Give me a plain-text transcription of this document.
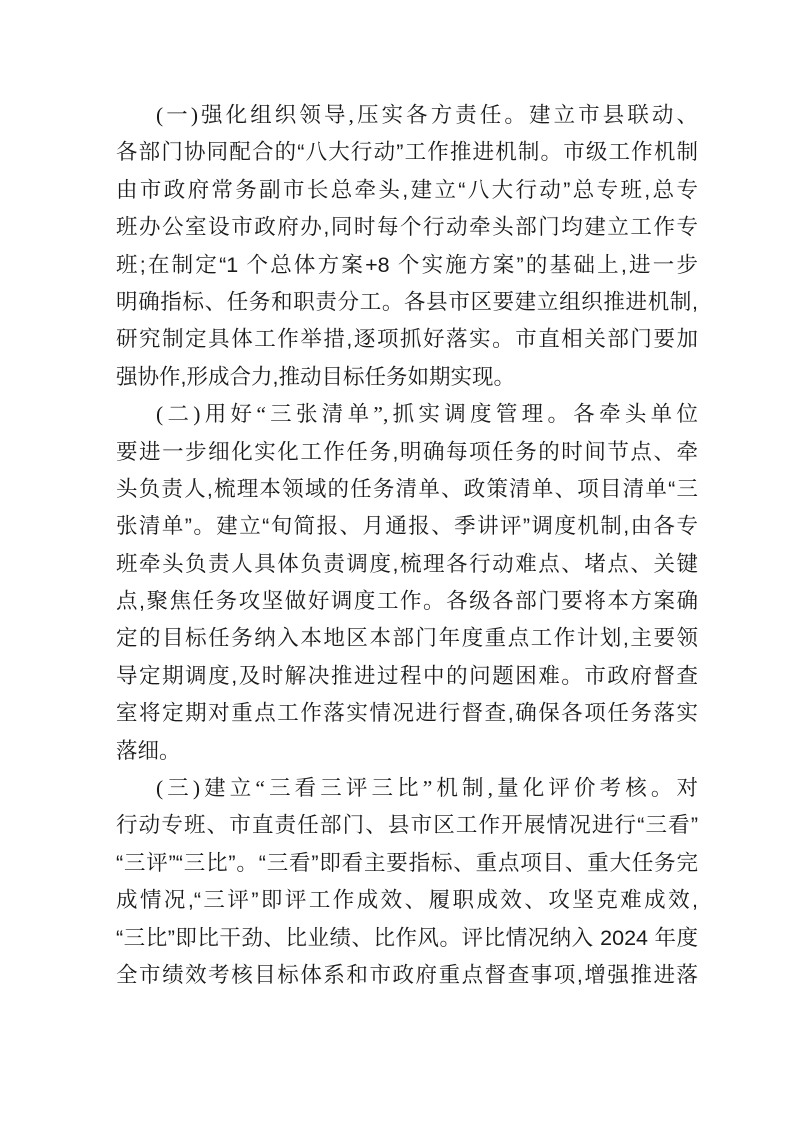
(一)强化组织领导,压实各方责任。建立市县联动、
各部门协同配合的“八大行动”工作推进机制。市级工作机制
由市政府常务副市长总牵头,建立“八大行动”总专班,总专
班办公室设市政府办,同时每个行动牵头部门均建立工作专
班;在制定“1 个总体方案+8 个实施方案”的基础上,进一步
明确指标、任务和职责分工。各县市区要建立组织推进机制,
研究制定具体工作举措,逐项抓好落实。市直相关部门要加
强协作,形成合力,推动目标任务如期实现。
(二)用好“三张清单”,抓实调度管理。各牵头单位
要进一步细化实化工作任务,明确每项任务的时间节点、牵
头负责人,梳理本领域的任务清单、政策清单、项目清单“三
张清单”。建立“旬简报、月通报、季讲评”调度机制,由各专
班牵头负责人具体负责调度,梳理各行动难点、堵点、关键
点,聚焦任务攻坚做好调度工作。各级各部门要将本方案确
定的目标任务纳入本地区本部门年度重点工作计划,主要领
导定期调度,及时解决推进过程中的问题困难。市政府督查
室将定期对重点工作落实情况进行督查,确保各项任务落实
落细。
(三)建立“三看三评三比”机制,量化评价考核。对
行动专班、市直责任部门、县市区工作开展情况进行“三看”
“三评”“三比”。“三看”即看主要指标、重点项目、重大任务完
成情况,“三评”即评工作成效、履职成效、攻坚克难成效,
“三比”即比干劲、比业绩、比作风。评比情况纳入 2024 年度
全市绩效考核目标体系和市政府重点督查事项,增强推进落
